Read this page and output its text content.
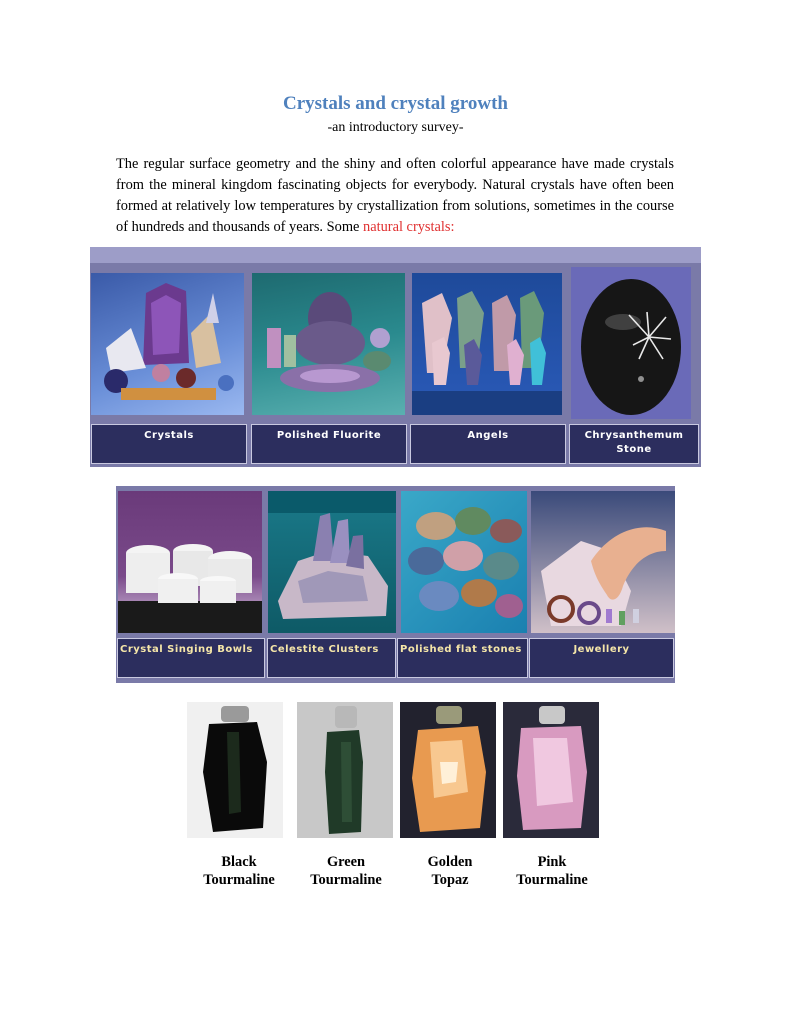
Crystals and crystal growth
-an introductory survey-
The regular surface geometry and the shiny and often colorful appearance have made crystals from the mineral kingdom fascinating objects for everybody. Natural crystals have often been formed at relatively low temperatures by crystallization from solutions, sometimes in the course of hundreds and thousands of years. Some natural crystals:
Crystals	Polished Fluorite	Angels	Chrysanthemum Stone
Crystal Singing Bowls	Celestite Clusters	Polished flat stones	Jewellery
Black
Tourmaline
Green
Tourmaline
Golden
Topaz
Pink
Tourmaline
